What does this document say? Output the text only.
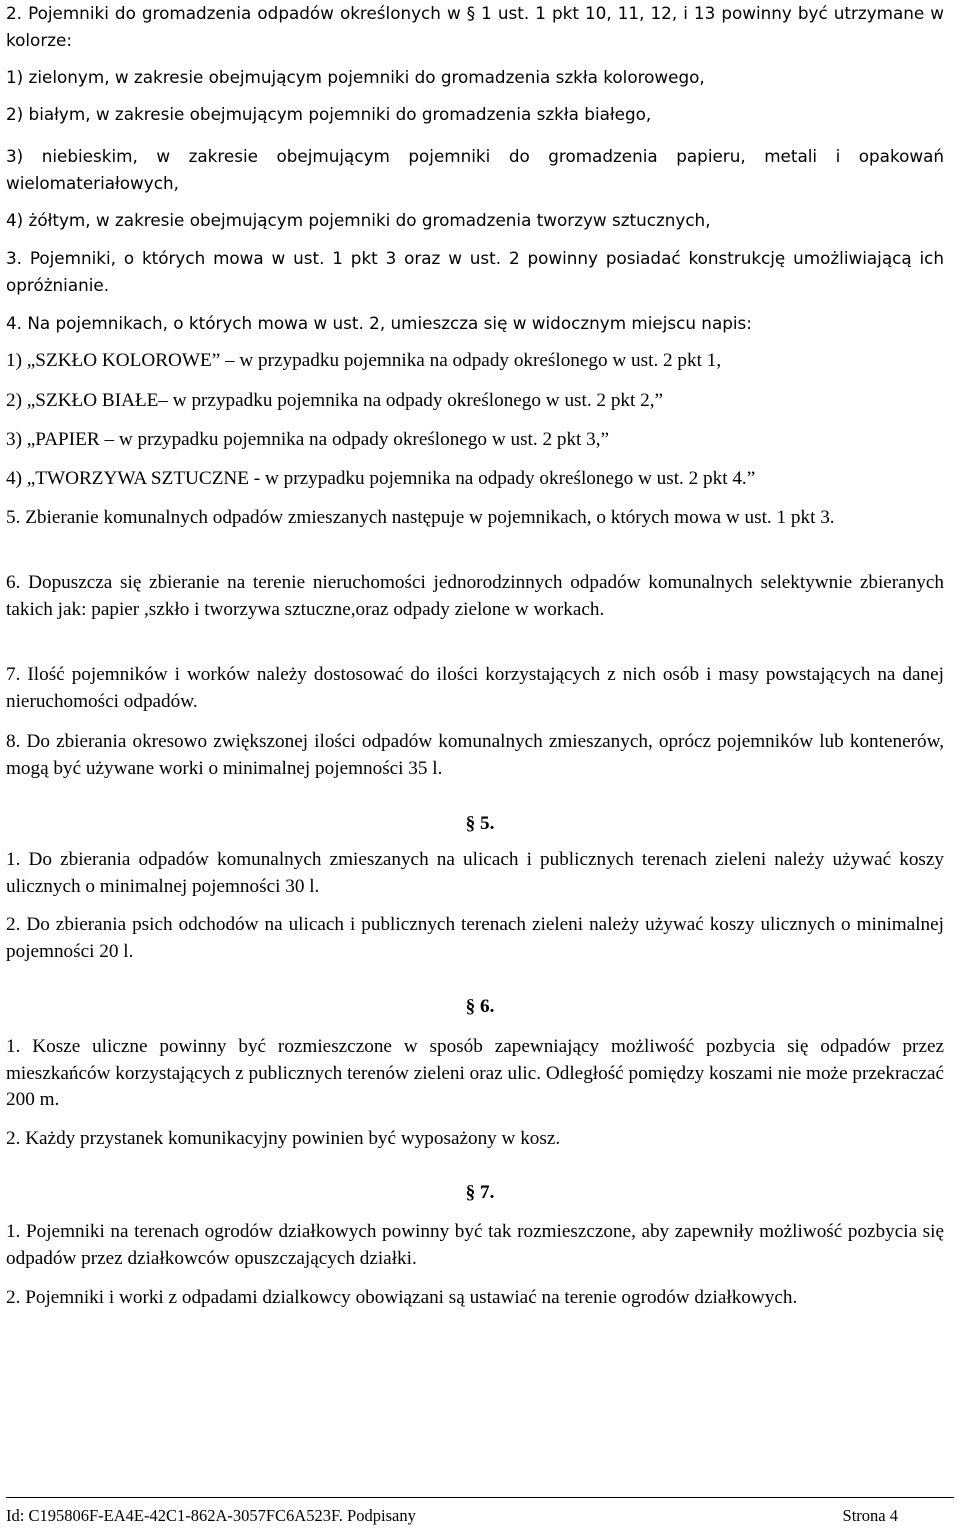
2. Pojemniki do gromadzenia odpadów określonych w § 1 ust. 1 pkt 10, 11, 12, i 13 powinny być utrzymane w kolorze:

1) zielonym, w zakresie obejmującym pojemniki do gromadzenia szkła kolorowego,

2) białym, w zakresie obejmującym pojemniki do gromadzenia szkła białego,

3) niebieskim, w zakresie obejmującym pojemniki do gromadzenia papieru, metali i opakowań wielomateriałowych,

4) żółtym, w zakresie obejmującym pojemniki do gromadzenia tworzyw sztucznych,

3. Pojemniki, o których mowa w ust. 1 pkt 3 oraz w ust. 2 powinny posiadać konstrukcję umożliwiającą ich opróżnianie.

4. Na pojemnikach, o których mowa w ust. 2, umieszcza się w widocznym miejscu napis:

1) „SZKŁO KOLOROWE” – w przypadku pojemnika na odpady określonego w ust. 2 pkt 1,

2) „SZKŁO BIAŁE– w przypadku pojemnika na odpady określonego w ust. 2 pkt 2,”

3) „PAPIER – w przypadku pojemnika na odpady określonego w ust. 2 pkt 3,”

4) „TWORZYWA SZTUCZNE - w przypadku pojemnika na odpady określonego w ust. 2 pkt 4.”

5. Zbieranie komunalnych odpadów zmieszanych następuje w pojemnikach, o których mowa w ust. 1 pkt 3.

6. Dopuszcza się zbieranie na terenie nieruchomości jednorodzinnych odpadów komunalnych selektywnie zbieranych takich jak: papier ,szkło i tworzywa sztuczne,oraz odpady zielone w workach.

7. Ilość pojemników i worków należy dostosować do ilości korzystających z nich osób i masy powstających na danej nieruchomości odpadów.

8. Do zbierania okresowo zwiększonej ilości odpadów komunalnych zmieszanych, oprócz pojemników lub kontenerów, mogą być używane worki o minimalnej pojemności 35 l.

§ 5.

1. Do zbierania odpadów komunalnych zmieszanych na ulicach i publicznych terenach zieleni należy używać koszy ulicznych o minimalnej pojemności 30 l.

2. Do zbierania psich odchodów na ulicach i publicznych terenach zieleni należy używać koszy ulicznych o minimalnej pojemności 20 l.

§ 6.

1. Kosze uliczne powinny być rozmieszczone w sposób zapewniający możliwość pozbycia się odpadów przez mieszkańców korzystających z publicznych terenów zieleni oraz ulic. Odległość pomiędzy koszami nie może przekraczać 200 m.

2. Każdy przystanek komunikacyjny powinien być wyposażony w kosz.

§ 7.

1. Pojemniki na terenach ogrodów działkowych powinny być tak rozmieszczone, aby zapewniły możliwość pozbycia się odpadów przez działkowców opuszczających działki.

2. Pojemniki i worki z odpadami dzialkowcy obowiązani są ustawiać na terenie ogrodów działkowych.

Id: C195806F-EA4E-42C1-862A-3057FC6A523F. Podpisany	Strona 4
